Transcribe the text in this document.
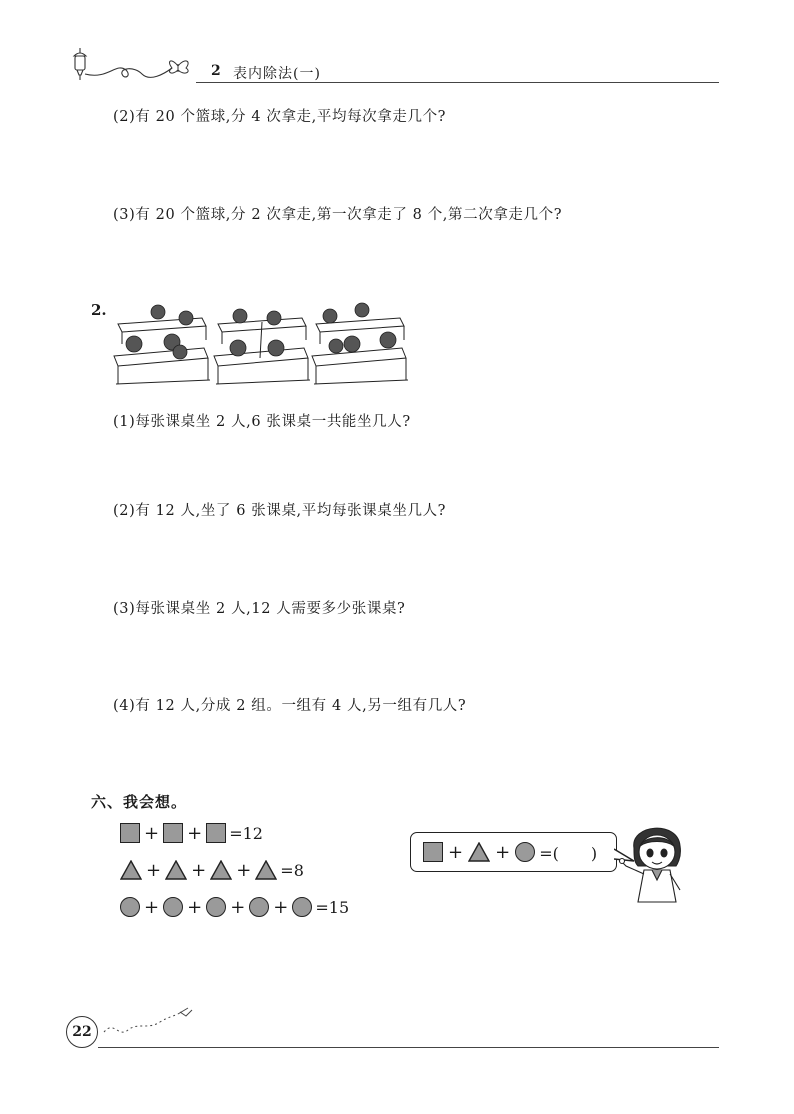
2 表内除法(一)
(2)有 20 个篮球,分 4 次拿走,平均每次拿走几个?
(3)有 20 个篮球,分 2 次拿走,第一次拿走了 8 个,第二次拿走几个?
2.
(1)每张课桌坐 2 人,6 张课桌一共能坐几人?
(2)有 12 人,坐了 6 张课桌,平均每张课桌坐几人?
(3)每张课桌坐 2 人,12 人需要多少张课桌?
(4)有 12 人,分成 2 组。一组有 4 人,另一组有几人?
六、我会想。
+ + =12
+ + + =8
+ + + + =15
+ + =(　　)
22
